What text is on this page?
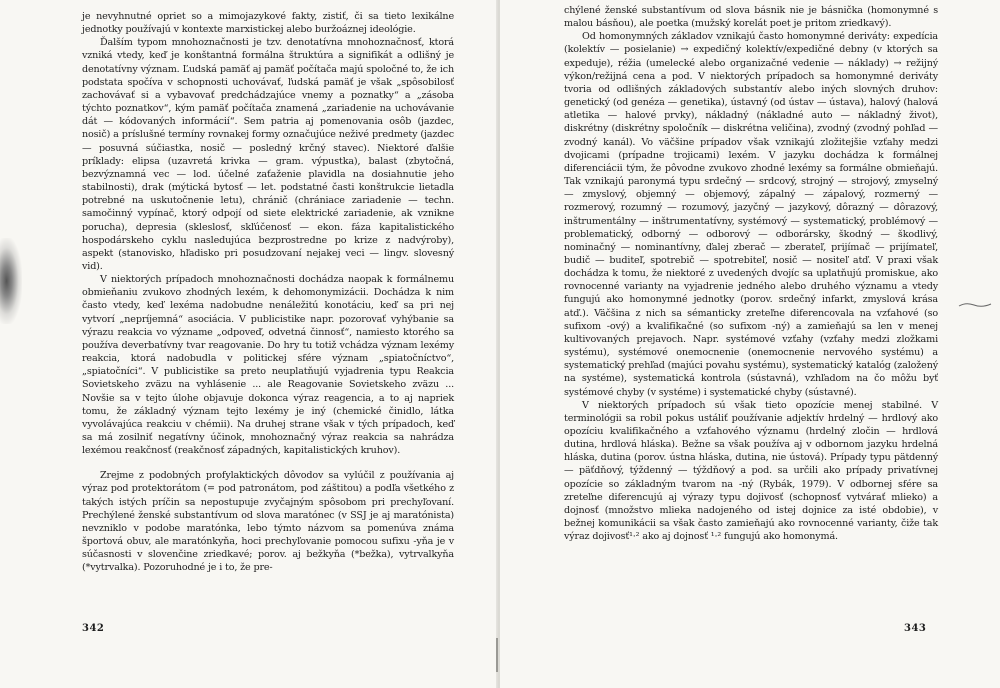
je nevyhnutné opriet so a mimojazykové fakty, zistiť, či sa tieto lexikálne jednotky používajú v kontexte marxistickej alebo buržoáznej ideológie.

Ďalším typom mnohoznačnosti je tzv. denotatívna mnohoznačnosť, ktorá vzniká vtedy, keď je konštantná formálna štruktúra a signifikát a odlišný je denotatívny význam. Ľudská pamäť aj pamäť počítača majú spoločné to, že ich podstata spočíva v schopnosti uchovávať, ľudská pamäť je však „spôsobilosť zachovávať si a vybavovať predchádzajúce vnemy a poznatky“ a „zásoba týchto poznatkov“, kým pamäť počítača znamená „zariadenie na uchovávanie dát — kódovaných informácií“. Sem patria aj pomenovania osôb (jazdec, nosič) a príslušné termíny rovnakej formy označujúce neživé predmety (jazdec — posuvná súčiastka, nosič — posledný krčný stavec). Niektoré ďalšie príklady: elipsa (uzavretá krivka — gram. výpustka), balast (zbytočná, bezvýznamná vec — lod. účelné zaťaženie plavidla na dosiahnutie jeho stabilnosti), drak (mýtická bytosť — let. podstatné časti konštrukcie lietadla potrebné na uskutočnenie letu), chránič (chrániace zariadenie — techn. samočinný vypínač, ktorý odpojí od siete elektrické zariadenie, ak vznikne porucha), depresia (skleslosť, skľúčenosť — ekon. fáza kapitalistického hospodárskeho cyklu nasledujúca bezprostredne po krize z nadvýroby), aspekt (stanovisko, hľadisko pri posudzovaní nejakej veci — lingv. slovesný vid).

V niektorých prípadoch mnohoznačnosti dochádza naopak k formálnemu obmieňaniu zvukovo zhodných lexém, k dehomonymizácii. Dochádza k nim často vtedy, keď lexéma nadobudne nenáležitú konotáciu, keď sa pri nej vytvorí „nepríjemná“ asociácia. V publicistike napr. pozorovať vyhýbanie sa výrazu reakcia vo význame „odpoveď, odvetná činnosť“, namiesto ktorého sa používa deverbatívny tvar reagovanie. Do hry tu totiž vchádza význam lexémy reakcia, ktorá nadobudla v politickej sfére význam „spiatočníctvo“, „spiatočníci“. V publicistike sa preto neuplatňujú vyjadrenia typu Reakcia Sovietskeho zväzu na vyhlásenie ... ale Reagovanie Sovietskeho zväzu ... Novšie sa v tejto úlohe objavuje dokonca výraz reagencia, a to aj napriek tomu, že základný význam tejto lexémy je iný (chemické činidlo, látka vyvolávajúca reakciu v chémii). Na druhej strane však v tých prípadoch, keď sa má zosilniť negatívny účinok, mnohoznačný výraz reakcia sa nahrádza lexémou reakčnosť (reakčnosť západných, kapitalistických kruhov).

Zrejme z podobných profylaktických dôvodov sa vylúčil z používania aj výraz pod protektorátom (= pod patronátom, pod záštitou) a podľa všetkého z takých istých príčin sa nepostupuje zvyčajným spôsobom pri prechyľovaní. Prechýlené ženské substantívum od slova maratónec (v SSJ je aj maratónista) nevzniklo v podobe maratónka, lebo týmto názvom sa pomenúva známa športová obuv, ale maratónkyňa, hoci prechyľovanie pomocou sufixu -yňa je v súčasnosti v slovenčine zriedkavé; porov. aj bežkyňa (*bežka), vytrvalkyňa (*vytrvalka). Pozoruhodné je i to, že pre-

342

chýlené ženské substantívum od slova básnik nie je básnička (homonymné s malou básňou), ale poetka (mužský korelát poet je pritom zriedkavý).

Od homonymných základov vznikajú často homonymné deriváty: expedícia (kolektív — posielanie) → expedičný kolektív/expedičné debny (v ktorých sa expeduje), réžia (umelecké alebo organizačné vedenie — náklady) → režijný výkon/režijná cena a pod. V niektorých prípadoch sa homonymné deriváty tvoria od odlišných základových substantív alebo iných slovných druhov: genetický (od genéza — genetika), ústavný (od ústav — ústava), halový (halová atletika — halové prvky), nákladný (nákladné auto — nákladný život), diskrétny (diskrétny spoločník — diskrétna veličina), zvodný (zvodný pohľad — zvodný kanál). Vo väčšine prípadov však vznikajú zložitejšie vzťahy medzi dvojicami (prípadne trojicami) lexém. V jazyku dochádza k formálnej diferenciácii tým, že pôvodne zvukovo zhodné lexémy sa formálne obmieňajú. Tak vznikajú paronymá typu srdečný — srdcový, strojný — strojový, zmyselný — zmyslový, objemný — objemový, zápalný — zápalový, rozmerný — rozmerový, rozumný — rozumový, jazyčný — jazykový, dôrazný — dôrazový, inštrumentálny — inštrumentatívny, systémový — systematický, problémový — problematický, odborný — odborový — odborársky, škodný — škodlivý, nominačný — nominantívny, ďalej zberač — zberateľ, prijímač — prijímateľ, budič — buditeľ, spotrebič — spotrebiteľ, nosič — nositeľ atď. V praxi však dochádza k tomu, že niektoré z uvedených dvojíc sa uplatňujú promiskue, ako rovnocenné varianty na vyjadrenie jedného alebo druhého významu a vtedy fungujú ako homonymné jednotky (porov. srdečný infarkt, zmyslová krása atď.). Väčšina z nich sa sémanticky zreteľne diferencovala na vzťahové (so sufixom -ový) a kvalifikačné (so sufixom -ný) a zamieňajú sa len v menej kultivovaných prejavoch. Napr. systémové vzťahy (vzťahy medzi zložkami systému), systémové onemocnenie (onemocnenie nervového systému) a systematický prehľad (majúci povahu systému), systematický katalóg (založený na systéme), systematická kontrola (sústavná), vzhľadom na čo môžu byť systémové chyby (v systéme) i systematické chyby (sústavné).

V niektorých prípadoch sú však tieto opozície menej stabilné. V terminológii sa robil pokus ustáliť používanie adjektív hrdelný — hrdlový ako opozíciu kvalifikačného a vzťahového významu (hrdelný zločin — hrdlová dutina, hrdlová hláska). Bežne sa však používa aj v odbornom jazyku hrdelná hláska, dutina (porov. ústna hláska, dutina, nie ústová). Prípady typu pätdenný — päťdňový, týždenný — týždňový a pod. sa určili ako prípady privatívnej opozície so základným tvarom na -ný (Rybák, 1979). V odbornej sfére sa zreteľne diferencujú aj výrazy typu dojivosť (schopnosť vytvárať mlieko) a dojnosť (množstvo mlieka nadojeného od istej dojnice za isté obdobie), v bežnej komunikácii sa však často zamieňajú ako rovnocenné varianty, čiže tak výraz dojivosť¹·² ako aj dojnosť ¹·² fungujú ako homonymá.

343
